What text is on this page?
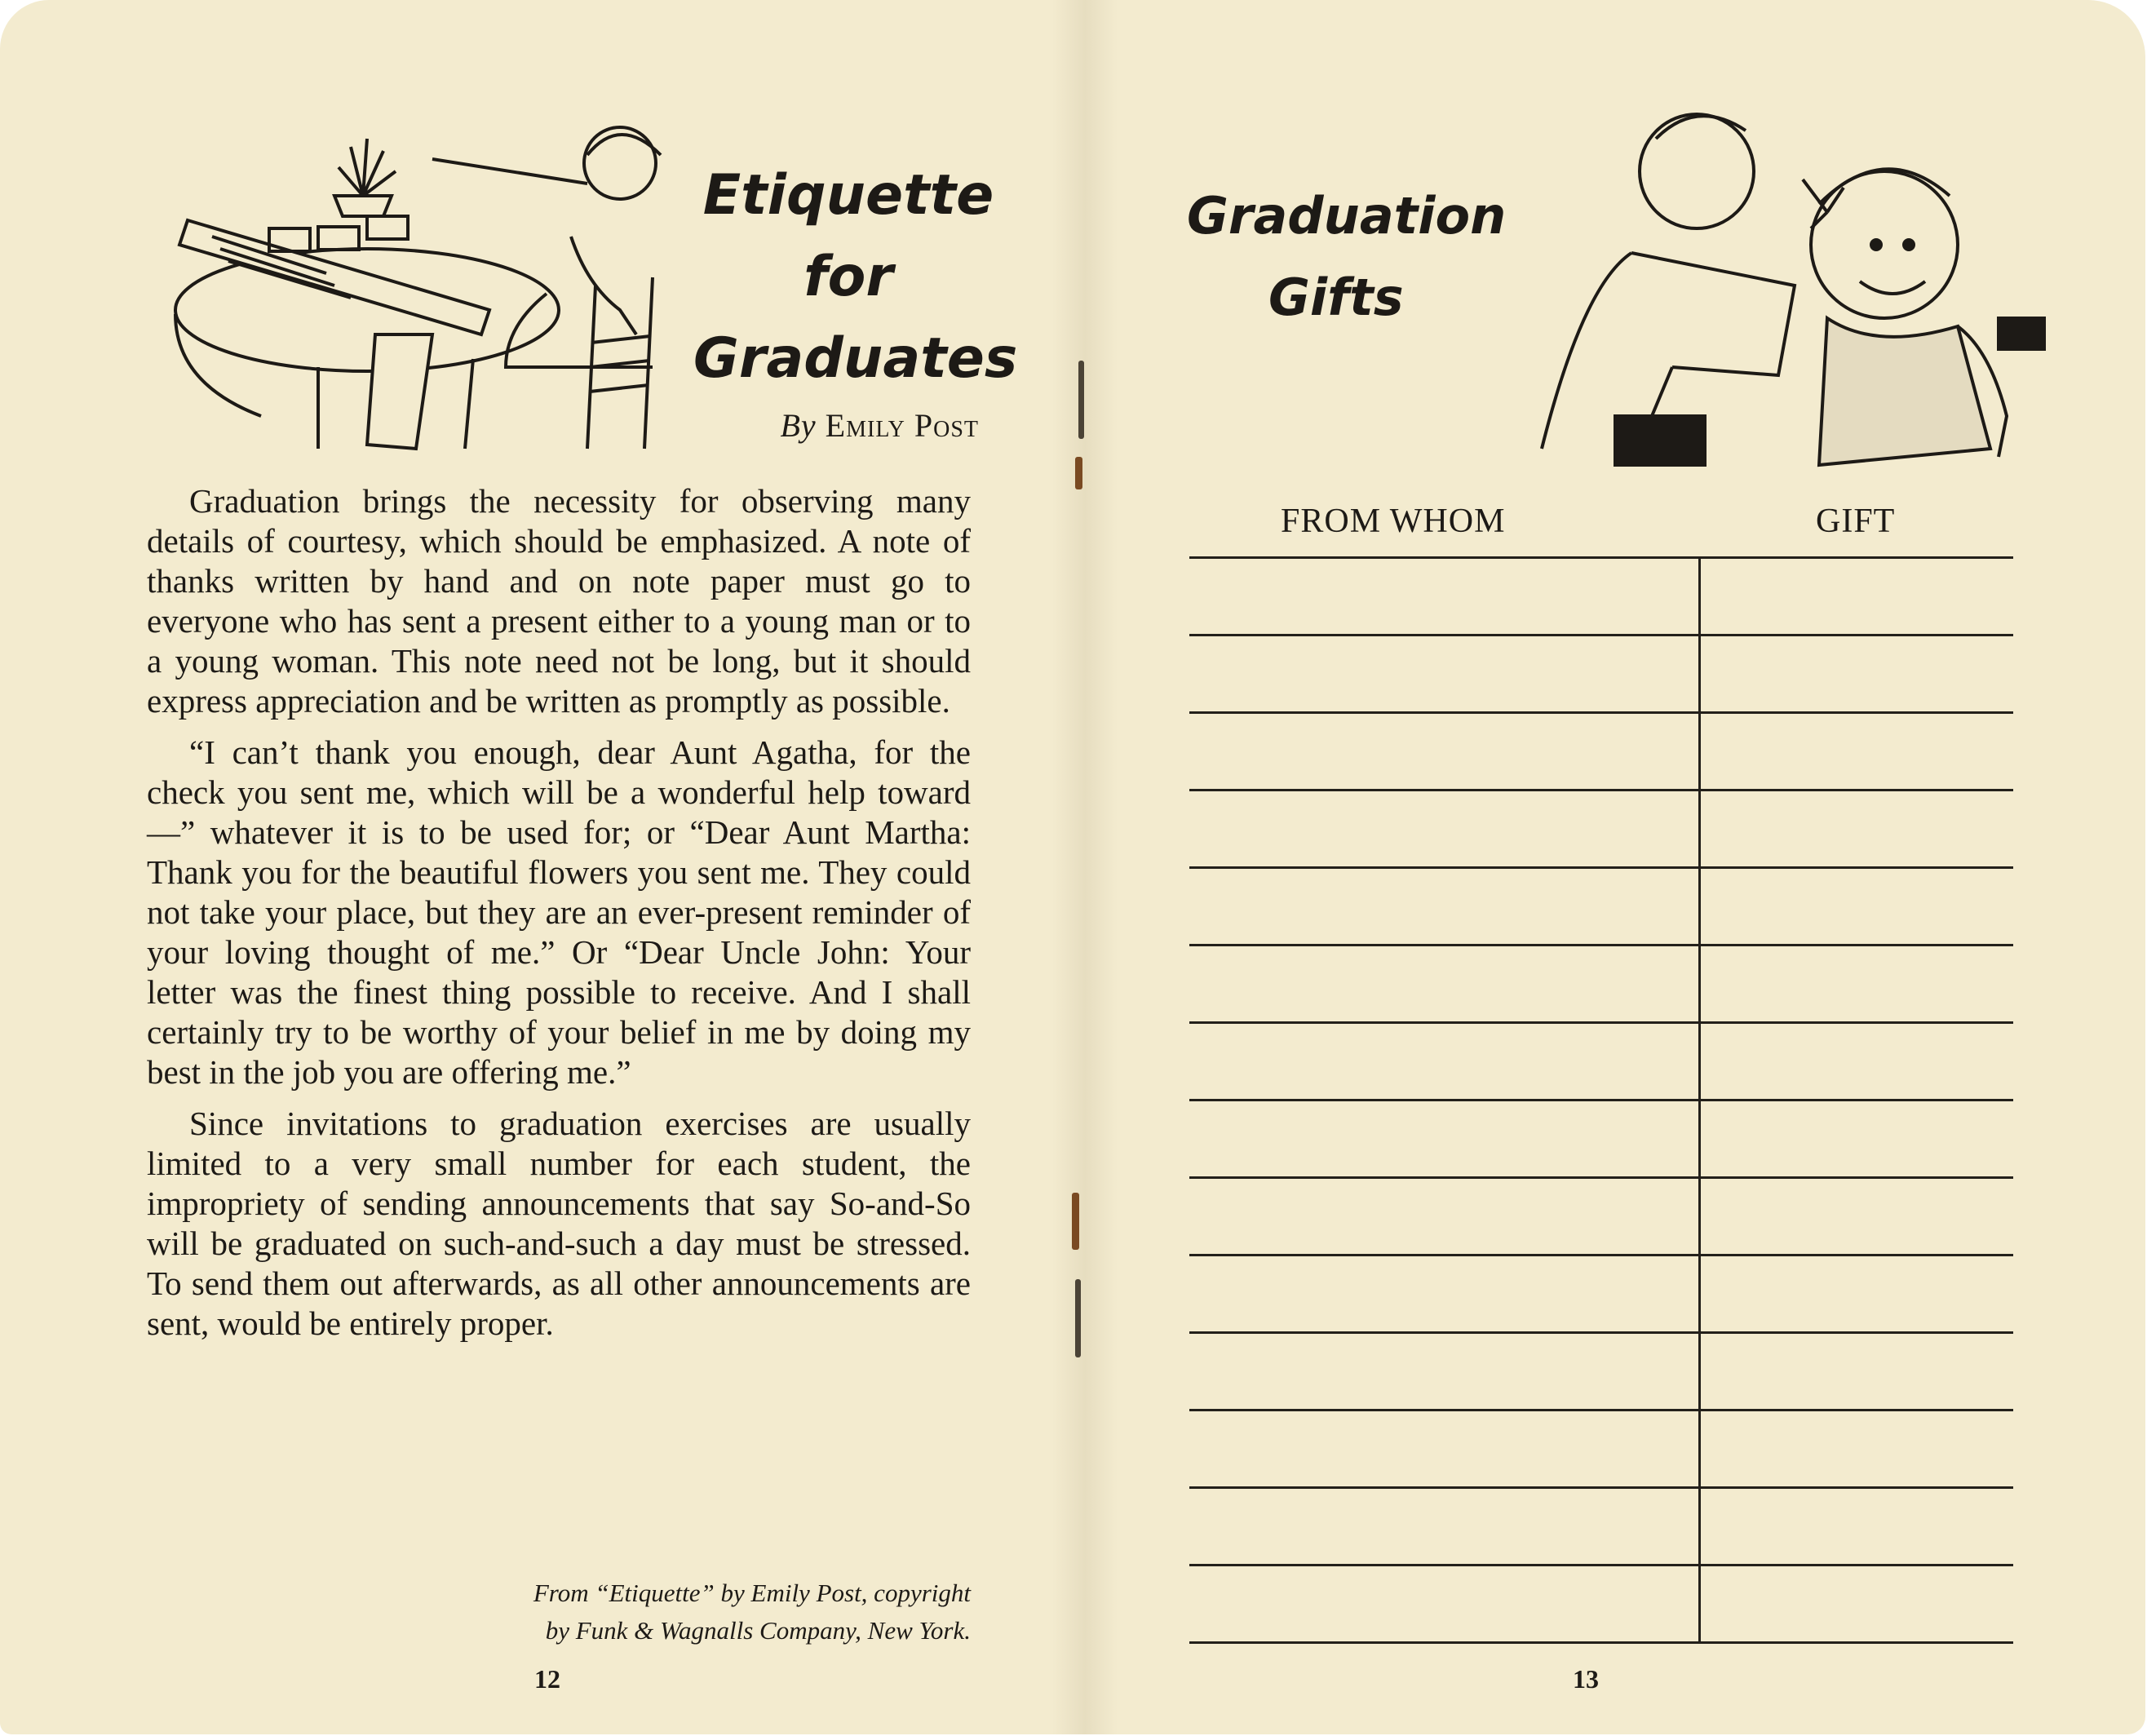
Etiquette
for
Graduates
By Emily Post

Graduation brings the necessity for observing many details of courtesy, which should be emphasized. A note of thanks written by hand and on note paper must go to everyone who has sent a present either to a young man or to a young woman. This note need not be long, but it should express appreciation and be written as promptly as possible.

“I can’t thank you enough, dear Aunt Agatha, for the check you sent me, which will be a wonderful help toward—” whatever it is to be used for; or “Dear Aunt Martha: Thank you for the beautiful flowers you sent me. They could not take your place, but they are an ever-present reminder of your loving thought of me.” Or “Dear Uncle John: Your letter was the finest thing possible to receive. And I shall certainly try to be worthy of your belief in me by doing my best in the job you are offering me.”

Since invitations to graduation exercises are usually limited to a very small number for each student, the impropriety of sending announcements that say So-and-So will be graduated on such-and-such a day must be stressed. To send them out afterwards, as all other announcements are sent, would be entirely proper.

From “Etiquette” by Emily Post, copyright
by Funk & Wagnalls Company, New York.
12
Graduation
Gifts
FROM WHOM	GIFT
13
